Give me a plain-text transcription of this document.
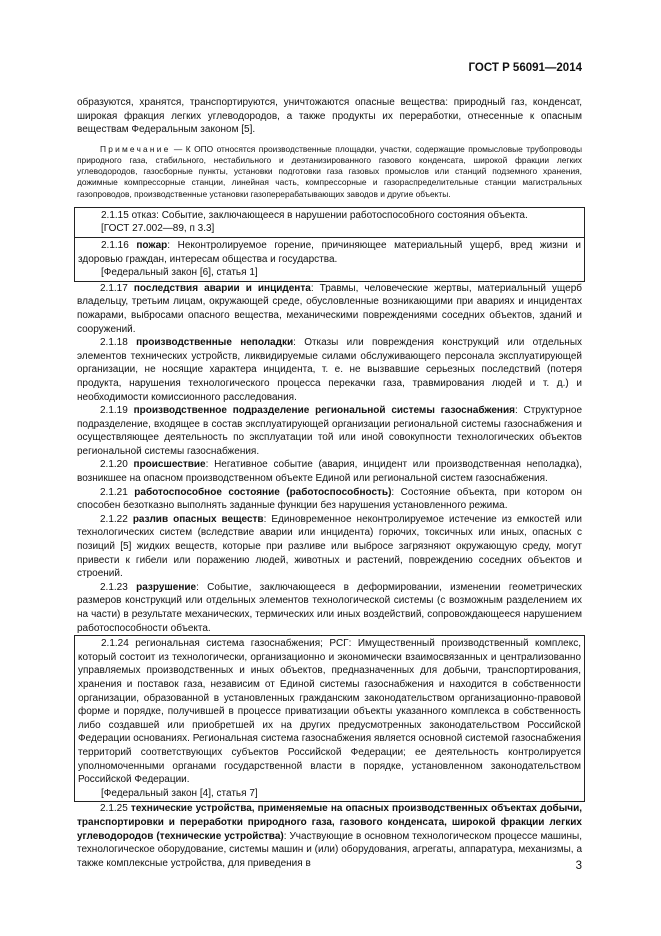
ГОСТ Р 56091—2014

образуются, хранятся, транспортируются, уничтожаются опасные вещества: природный газ, конденсат, широкая фракция легких углеводородов, а также продукты их переработки, отнесенные к опасным веществам Федеральным законом [5].

Примечание — К ОПО относятся производственные площадки, участки, содержащие промысловые трубопроводы природного газа, стабильного, нестабильного и деэтанизированного газового конденсата, широкой фракции легких углеводородов, газосборные пункты, установки подготовки газа газовых промыслов или станций подземного хранения, дожимные компрессорные станции, линейная часть, компрессорные и газораспределительные станции магистральных газопроводов, производственные установки газоперерабатывающих заводов и другие объекты.

2.1.15 отказ: Событие, заключающееся в нарушении работоспособного состояния объекта.

[ГОСТ 27.002—89, п 3.3]

2.1.16 пожар: Неконтролируемое горение, причиняющее материальный ущерб, вред жизни и здоровью граждан, интересам общества и государства.

[Федеральный закон [6], статья 1]

2.1.17 последствия аварии и инцидента: Травмы, человеческие жертвы, материальный ущерб владельцу, третьим лицам, окружающей среде, обусловленные возникающими при авариях и инцидентах пожарами, выбросами опасного вещества, механическими повреждениями соседних объектов, зданий и сооружений.

2.1.18 производственные неполадки: Отказы или повреждения конструкций или отдельных элементов технических устройств, ликвидируемые силами обслуживающего персонала эксплуатирующей организации, не носящие характера инцидента, т. е. не вызвавшие серьезных последствий (потеря продукта, нарушения технологического процесса перекачки газа, травмирования людей и т. д.) и необходимости комиссионного расследования.

2.1.19 производственное подразделение региональной системы газоснабжения: Структурное подразделение, входящее в состав эксплуатирующей организации региональной системы газоснабжения и осуществляющее деятельность по эксплуатации той или иной совокупности технологических объектов региональной системы газоснабжения.

2.1.20 происшествие: Негативное событие (авария, инцидент или производственная неполадка), возникшее на опасном производственном объекте Единой или региональной систем газоснабжения.

2.1.21 работоспособное состояние (работоспособность): Состояние объекта, при котором он способен безотказно выполнять заданные функции без нарушения установленного режима.

2.1.22 разлив опасных веществ: Единовременное неконтролируемое истечение из емкостей или технологических систем (вследствие аварии или инцидента) горючих, токсичных или иных, опасных с позиций [5] жидких веществ, которые при разливе или выбросе загрязняют окружающую среду, могут привести к гибели или поражению людей, животных и растений, повреждению соседних объектов и строений.

2.1.23 разрушение: Событие, заключающееся в деформировании, изменении геометрических размеров конструкций или отдельных элементов технологической системы (с возможным разделением их на части) в результате механических, термических или иных воздействий, сопровождающееся нарушением работоспособности объекта.

2.1.24 региональная система газоснабжения; РСГ: Имущественный производственный комплекс, который состоит из технологически, организационно и экономически взаимосвязанных и централизованно управляемых производственных и иных объектов, предназначенных для добычи, транспортирования, хранения и поставок газа, независим от Единой системы газоснабжения и находится в собственности организации, образованной в установленных гражданским законодательством организационно-правовой форме и порядке, получившей в процессе приватизации объекты указанного комплекса в собственность либо создавшей или приобретшей их на других предусмотренных законодательством Российской Федерации основаниях. Региональная система газоснабжения является основной системой газоснабжения территорий соответствующих субъектов Российской Федерации; ее деятельность контролируется уполномоченными органами государственной власти в порядке, установленном законодательством Российской Федерации.

[Федеральный закон [4], статья 7]

2.1.25 технические устройства, применяемые на опасных производственных объектах добычи, транспортировки и переработки природного газа, газового конденсата, широкой фракции легких углеводородов (технические устройства): Участвующие в основном технологическом процессе машины, технологическое оборудование, системы машин и (или) оборудования, агрегаты, аппаратура, механизмы, а также комплексные устройства, для приведения в	3
